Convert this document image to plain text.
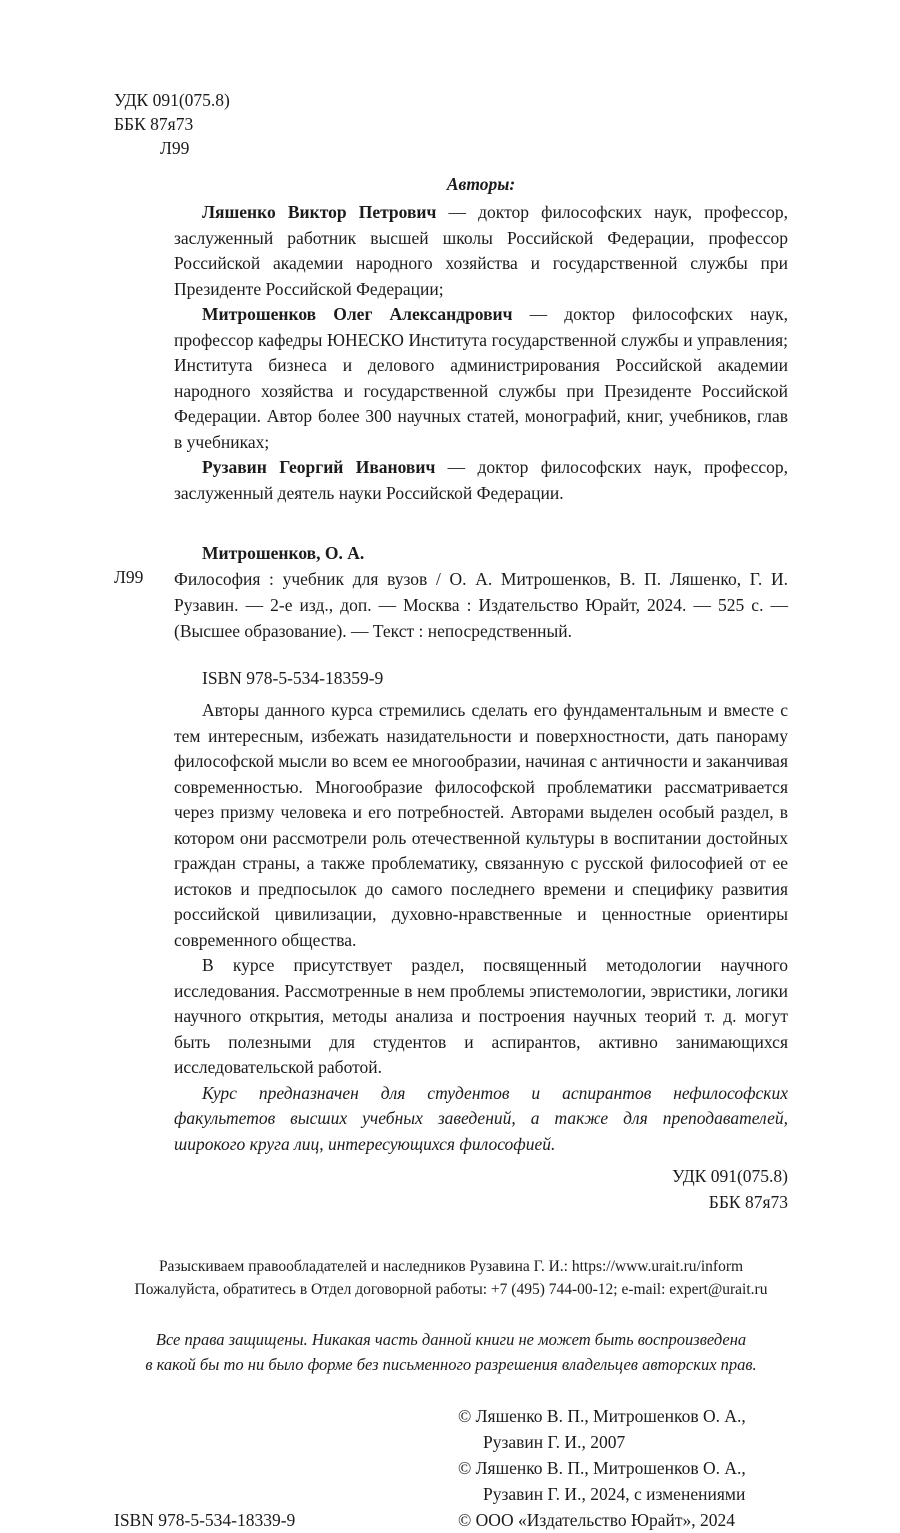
УДК 091(075.8)
ББК 87я73
Л99
Авторы:

Ляшенко Виктор Петрович — доктор философских наук, профессор, заслуженный работник высшей школы Российской Федерации, профессор Российской академии народного хозяйства и государственной службы при Президенте Российской Федерации;

Митрошенков Олег Александрович — доктор философских наук, профессор кафедры ЮНЕСКО Института государственной службы и управления; Института бизнеса и делового администрирования Российской академии народного хозяйства и государственной службы при Президенте Российской Федерации. Автор более 300 научных статей, монографий, книг, учебников, глав в учебниках;

Рузавин Георгий Иванович — доктор философских наук, профессор, заслуженный деятель науки Российской Федерации.

Л99

Митрошенков, О. А.

Философия : учебник для вузов / О. А. Митрошенков, В. П. Ляшенко, Г. И. Рузавин. — 2-е изд., доп. — Москва : Издательство Юрайт, 2024. — 525 с. — (Высшее образование). — Текст : непосредственный.

ISBN 978-5-534-18359-9

Авторы данного курса стремились сделать его фундаментальным и вместе с тем интересным, избежать назидательности и поверхностности, дать панораму философской мысли во всем ее многообразии, начиная с античности и заканчивая современностью. Многообразие философской проблематики рассматривается через призму человека и его потребностей. Авторами выделен особый раздел, в котором они рассмотрели роль отечественной культуры в воспитании достойных граждан страны, а также проблематику, связанную с русской философией от ее истоков и предпосылок до самого последнего времени и специфику развития российской цивилизации, духовно-нравственные и ценностные ориентиры современного общества.

В курсе присутствует раздел, посвященный методологии научного исследования. Рассмотренные в нем проблемы эпистемологии, эвристики, логики научного открытия, методы анализа и построения научных теорий т. д. могут быть полезными для студентов и аспирантов, активно занимающихся исследовательской работой.

Курс предназначен для студентов и аспирантов нефилософских факультетов высших учебных заведений, а также для преподавателей, широкого круга лиц, интересующихся философией.

УДК 091(075.8)
ББК 87я73
Разыскиваем правообладателей и наследников Рузавина Г. И.: https://www.urait.ru/inform
Пожалуйста, обратитесь в Отдел договорной работы: +7 (495) 744-00-12; e-mail: expert@urait.ru
Все права защищены. Никакая часть данной книги не может быть воспроизведена
в какой бы то ни было форме без письменного разрешения владельцев авторских прав.
ISBN 978-5-534-18339-9
© Ляшенко В. П., Митрошенков О. А.,
Рузавин Г. И., 2007
© Ляшенко В. П., Митрошенков О. А.,
Рузавин Г. И., 2024, с изменениями
© ООО «Издательство Юрайт», 2024
